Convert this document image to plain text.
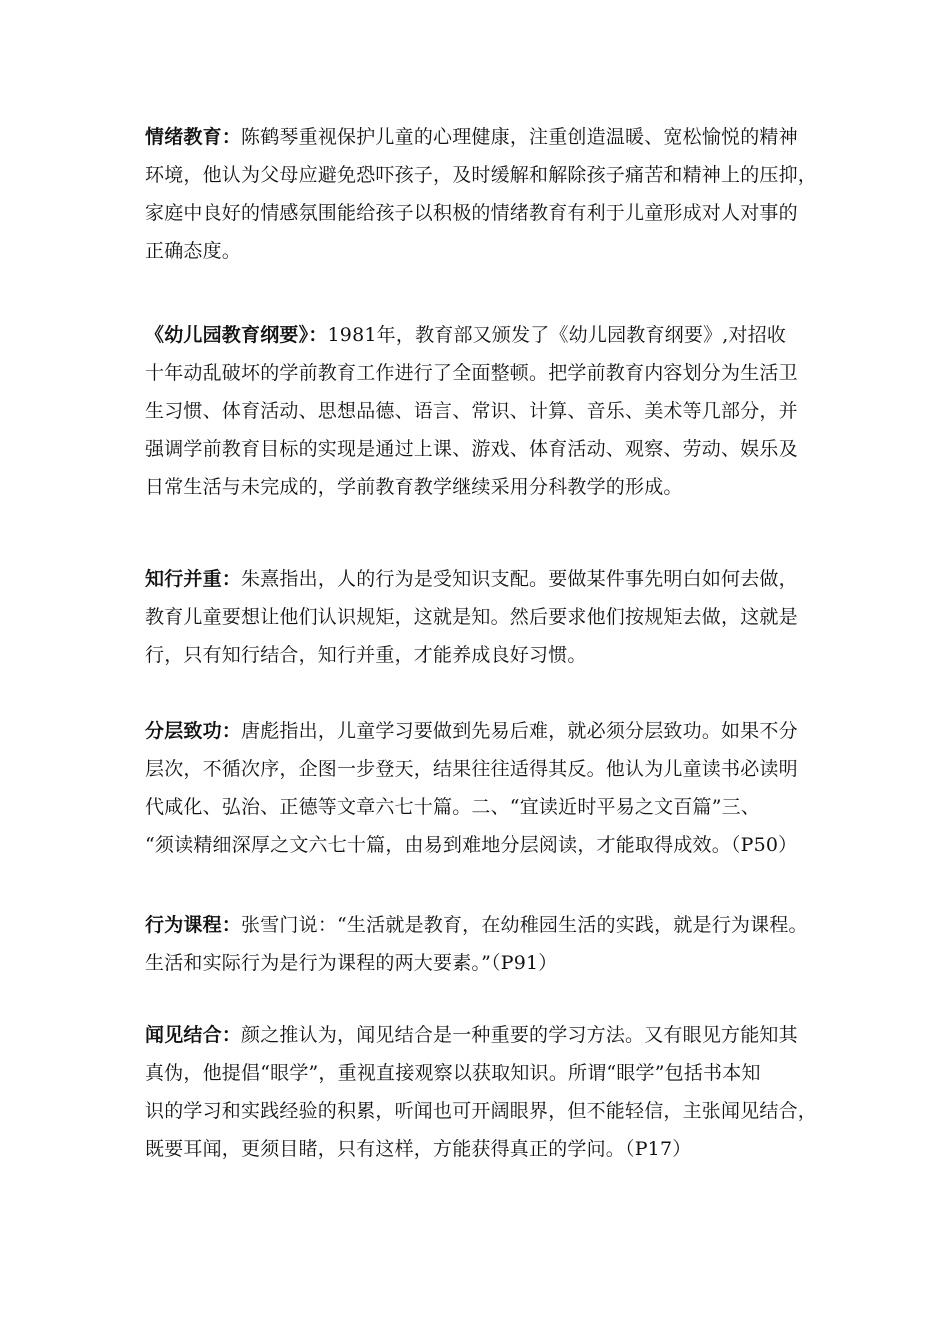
情绪教育：陈鹤琴重视保护儿童的心理健康，注重创造温暖、宽松愉悦的精神
环境，他认为父母应避免恐吓孩子，及时缓解和解除孩子痛苦和精神上的压抑，
家庭中良好的情感氛围能给孩子以积极的情绪教育有利于儿童形成对人对事的
正确态度。
《幼儿园教育纲要》：1981年，教育部又颁发了《幼儿园教育纲要》,对招收
十年动乱破坏的学前教育工作进行了全面整顿。把学前教育内容划分为生活卫
生习惯、体育活动、思想品德、语言、常识、计算、音乐、美术等几部分，并
强调学前教育目标的实现是通过上课、游戏、体育活动、观察、劳动、娱乐及
日常生活与未完成的，学前教育教学继续采用分科教学的形成。
知行并重：朱熹指出，人的行为是受知识支配。要做某件事先明白如何去做，
教育儿童要想让他们认识规矩，这就是知。然后要求他们按规矩去做，这就是
行，只有知行结合，知行并重，才能养成良好习惯。
分层致功：唐彪指出，儿童学习要做到先易后难，就必须分层致功。如果不分
层次，不循次序，企图一步登天，结果往往适得其反。他认为儿童读书必读明
代咸化、弘治、正德等文章六七十篇。二、“宜读近时平易之文百篇”三、
“须读精细深厚之文六七十篇，由易到难地分层阅读，才能取得成效。（P50）
行为课程：张雪门说：“生活就是教育，在幼稚园生活的实践，就是行为课程。
生活和实际行为是行为课程的两大要素。”（P91）
闻见结合：颜之推认为，闻见结合是一种重要的学习方法。又有眼见方能知其
真伪，他提倡“眼学”，重视直接观察以获取知识。所谓“眼学”包括书本知
识的学习和实践经验的积累，听闻也可开阔眼界，但不能轻信，主张闻见结合，
既要耳闻，更须目睹，只有这样，方能获得真正的学问。（P17）
